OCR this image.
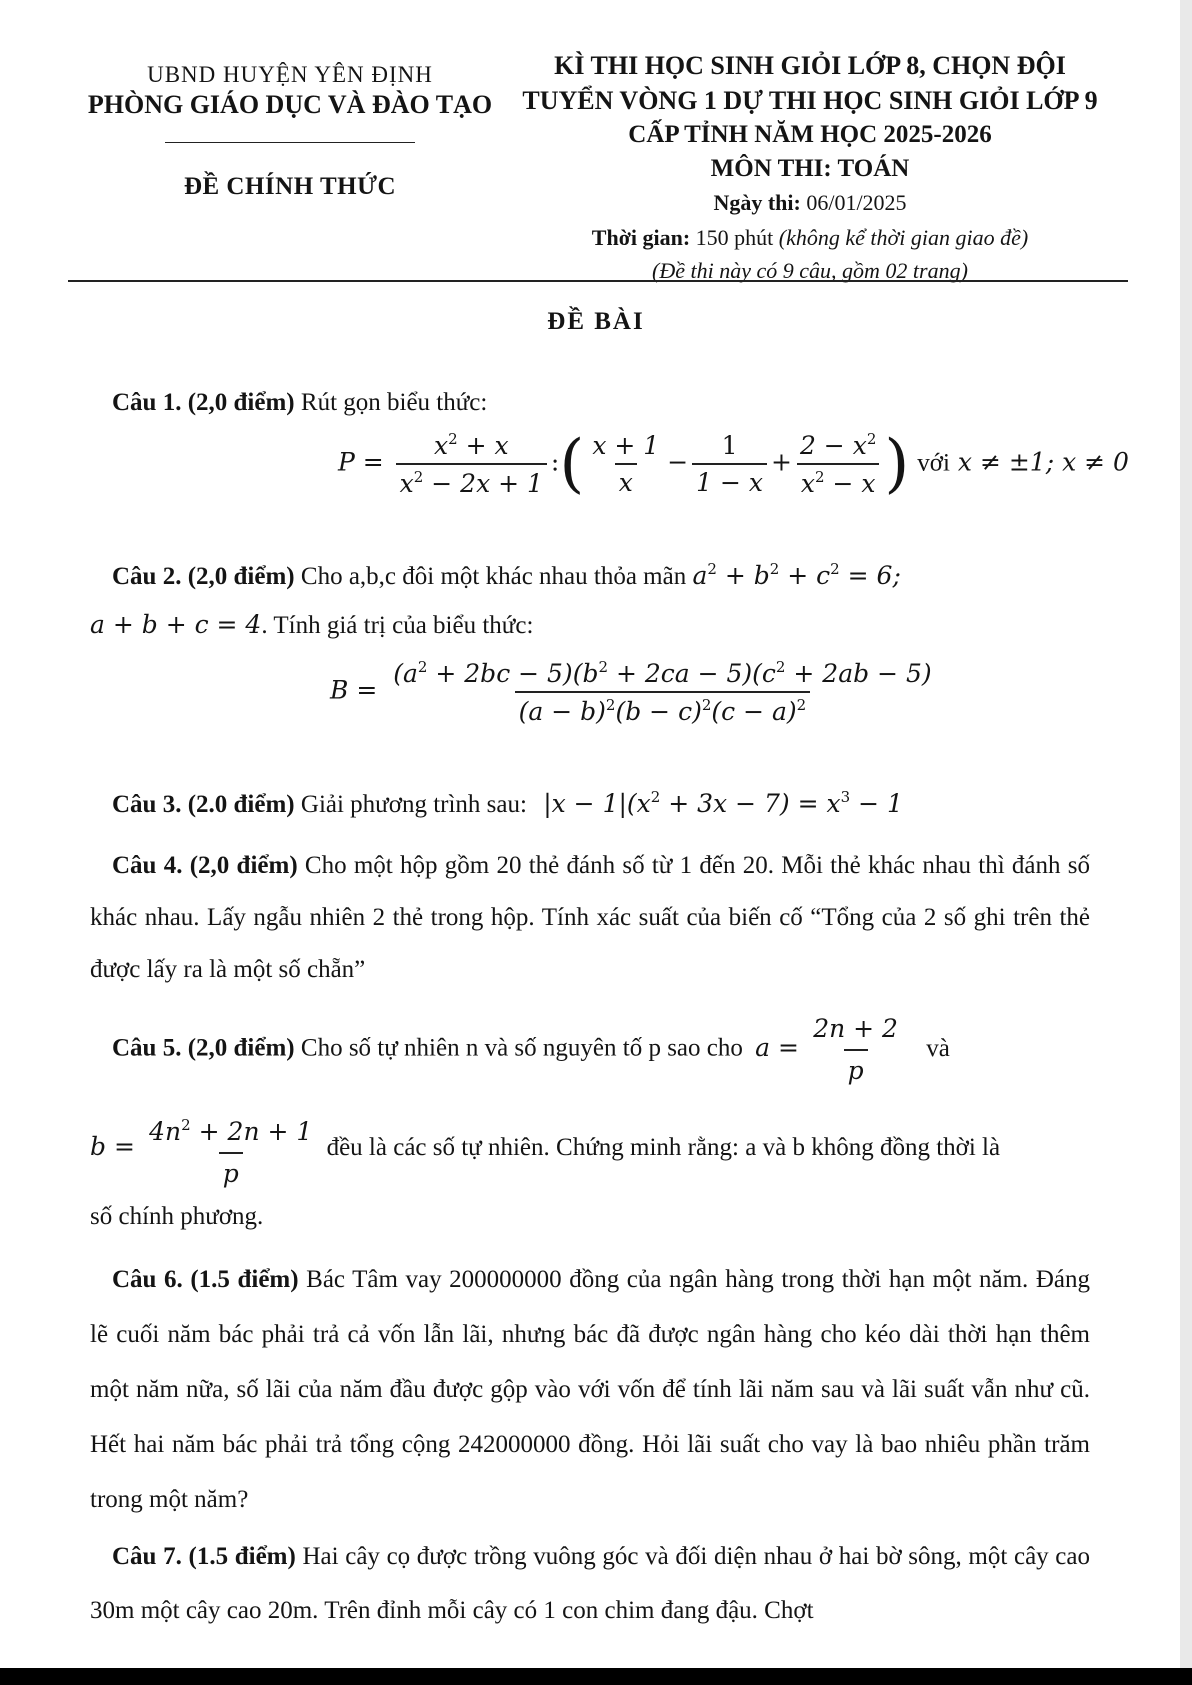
UBND HUYỆN YÊN ĐỊNH
PHÒNG GIÁO DỤC VÀ ĐÀO TẠO
ĐỀ CHÍNH THỨC
KÌ THI HỌC SINH GIỎI LỚP 8, CHỌN ĐỘI
TUYỂN VÒNG 1 DỰ THI HỌC SINH GIỎI LỚP 9
CẤP TỈNH NĂM HỌC 2025-2026
MÔN THI: TOÁN
Ngày thi: 06/01/2025
Thời gian: 150 phút (không kể thời gian giao đề)
(Đề thi này có 9 câu, gồm 02 trang)
ĐỀ BÀI
Câu 1. (2,0 điểm) Rút gọn biểu thức:
$P = \frac{x^2 + x}{x^2 - 2x + 1}$ :( $\frac{x + 1}{x} - \frac{1}{1 - x} + \frac{2 - x^2}{x^2 - x}$ ) với x ≠ ±1; x ≠ 0
Câu 2. (2,0 điểm) Cho a,b,c đôi một khác nhau thỏa mãn $a^2 + b^2 + c^2 = 6$;
a + b + c = 4. Tính giá trị của biểu thức:
$B = \frac{(a^2 + 2bc - 5)(b^2 + 2ca - 5)(c^2 + 2ab - 5)}{(a - b)^2(b - c)^2(c - a)^2}$
Câu 3. (2.0 điểm) Giải phương trình sau: $|x - 1|(x^2 + 3x - 7) = x^3 - 1$
Câu 4. (2,0 điểm) Cho một hộp gồm 20 thẻ đánh số từ 1 đến 20. Mỗi thẻ khác nhau thì đánh số khác nhau. Lấy ngẫu nhiên 2 thẻ trong hộp. Tính xác suất của biến cố “Tổng của 2 số ghi trên thẻ được lấy ra là một số chẵn”
Câu 5. (2,0 điểm) Cho số tự nhiên n và số nguyên tố p sao cho $a = \frac{2n + 2}{p}$ và
$b = \frac{4n^2 + 2n + 1}{p}$ đều là các số tự nhiên. Chứng minh rằng: a và b không đồng thời là
số chính phương.
Câu 6. (1.5 điểm) Bác Tâm vay 200000000 đồng của ngân hàng trong thời hạn một năm. Đáng lẽ cuối năm bác phải trả cả vốn lẫn lãi, nhưng bác đã được ngân hàng cho kéo dài thời hạn thêm một năm nữa, số lãi của năm đầu được gộp vào với vốn để tính lãi năm sau và lãi suất vẫn như cũ. Hết hai năm bác phải trả tổng cộng 242000000 đồng. Hỏi lãi suất cho vay là bao nhiêu phần trăm trong một năm?
Câu 7. (1.5 điểm) Hai cây cọ được trồng vuông góc và đối diện nhau ở hai bờ sông, một cây cao 30m một cây cao 20m. Trên đỉnh mỗi cây có 1 con chim đang đậu. Chợt
